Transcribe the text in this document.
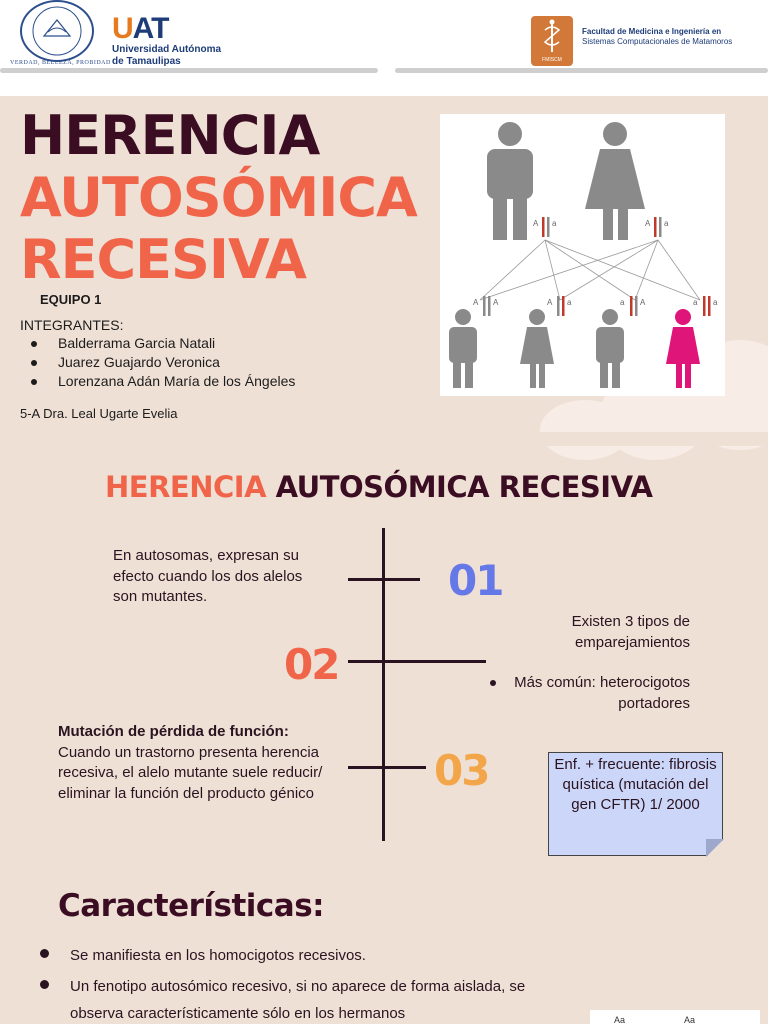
VERDAD, BELLEZA, PROBIDAD
UAT
Universidad Autónoma
de Tamaulipas	FMISCM
Facultad de Medicina e Ingeniería en
Sistemas Computacionales de Matamoros
HERENCIA
AUTOSÓMICA
RECESIVA
EQUIPO 1
INTEGRANTES:
Balderrama Garcia Natali
Juarez Guajardo Veronica
Lorenzana Adán María de los Ángeles
5-A Dra. Leal Ugarte Evelia
A a	A a
A A	A a	a A	a a
HERENCIA AUTOSÓMICA RECESIVA
01
02
03
En autosomas, expresan su efecto cuando los dos alelos son mutantes.
Existen 3 tipos de emparejamientos
Más común: heterocigotos portadores
Mutación de pérdida de función:
Cuando un trastorno presenta herencia recesiva, el alelo mutante suele reducir/ eliminar la función del producto génico
Enf. + frecuente: fibrosis quística (mutación del gen CFTR) 1/ 2000
Características:
Se manifiesta en los homocigotos recesivos.
Un fenotipo autosómico recesivo, si no aparece de forma aislada, se observa característicamente sólo en los hermanos	Aa	Aa
